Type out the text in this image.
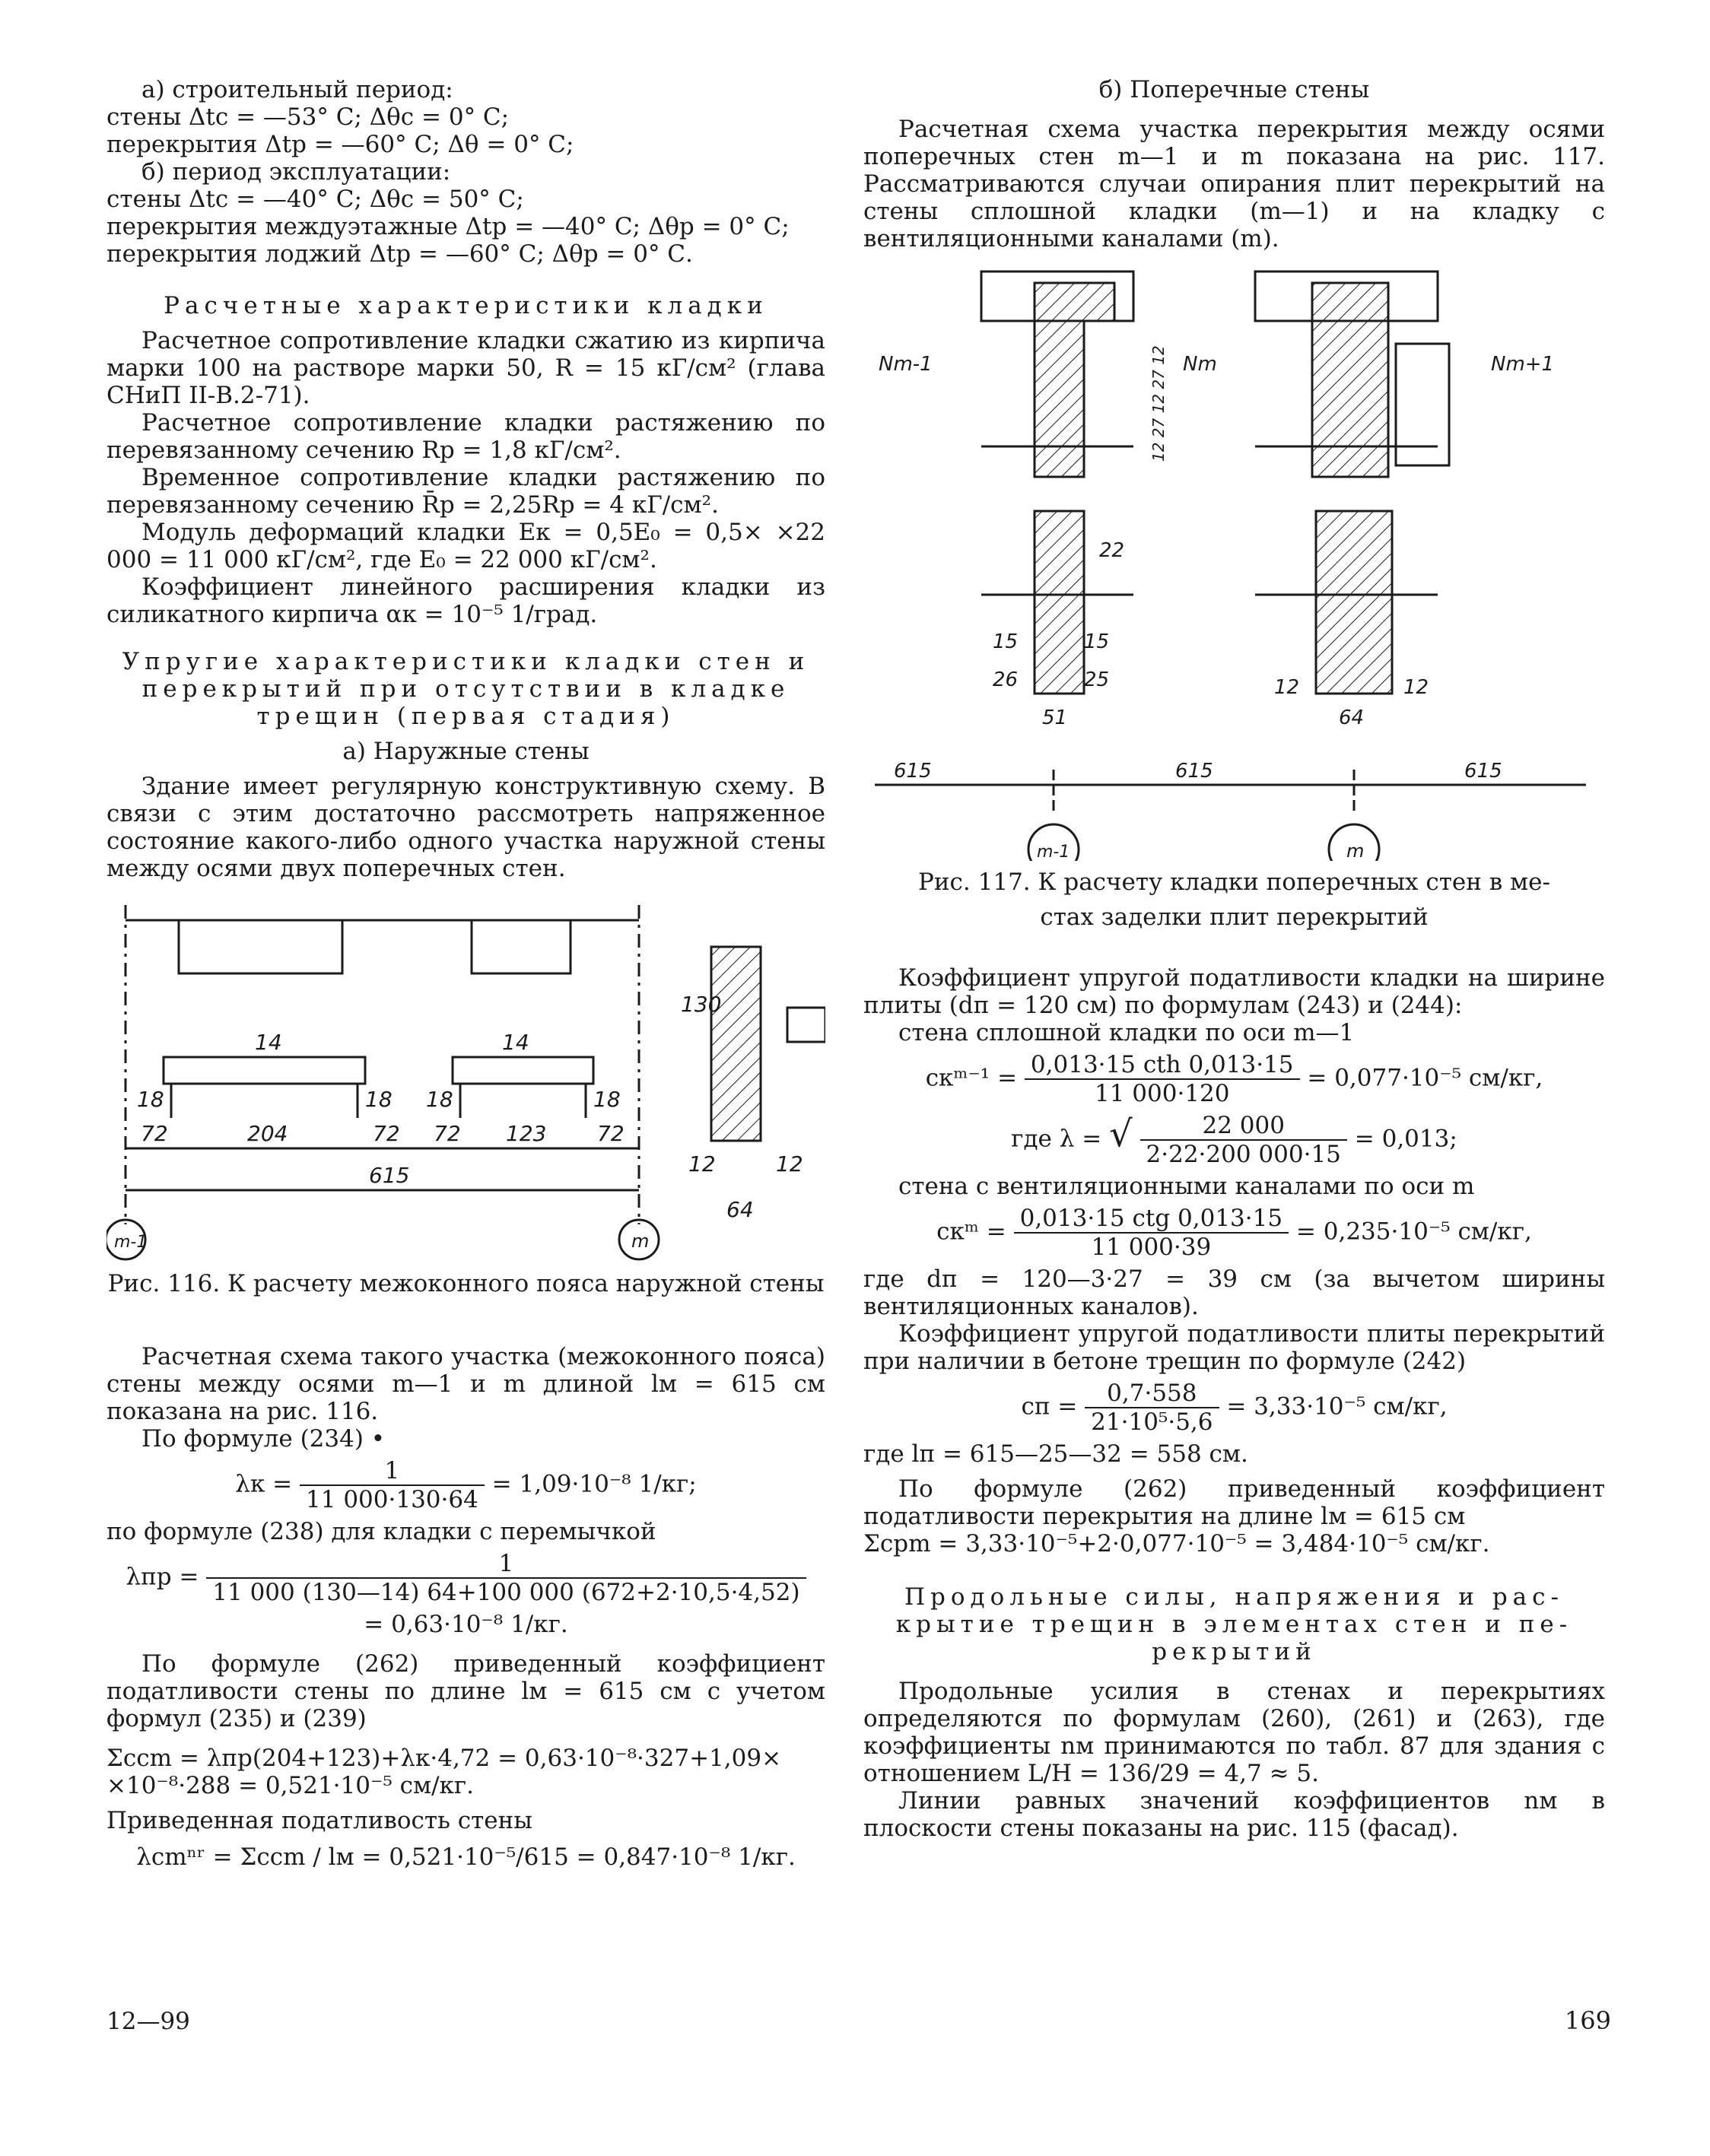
а) строительный период:

стены Δtс = —53° С; Δθс = 0° С;

перекрытия Δtр = —60° С; Δθ = 0° С;

б) период эксплуатации:

стены Δtс = —40° С; Δθс = 50° С;

перекрытия междуэтажные Δtр = —40° С; Δθр = 0° С;

перекрытия лоджий Δtр = —60° С; Δθр = 0° С.

Расчетные характеристики кладки

Расчетное сопротивление кладки сжатию из кирпича марки 100 на растворе марки 50, R = 15 кГ/см² (глава СНиП II-В.2-71).

Расчетное сопротивление кладки растяжению по перевязанному сечению Rр = 1,8 кГ/см².

Временное сопротивление кладки растяжению по перевязанному сечению R̄р = 2,25Rр = 4 кГ/см².

Модуль деформаций кладки Eк = 0,5E₀ = 0,5× ×22 000 = 11 000 кГ/см², где E₀ = 22 000 кГ/см².

Коэффициент линейного расширения кладки из силикатного кирпича αк = 10⁻⁵ 1/град.

Упругие характеристики кладки стен и

перекрытий при отсутствии в кладке

трещин (первая стадия)

а) Наружные стены

Здание имеет регулярную конструктивную схему. В связи с этим достаточно рассмотреть напряженное состояние какого-либо одного участка наружной стены между осями двух поперечных стен.

72	204	72 72 123 72
615
18	18 18	18
14	14
m-1	m
130
12	12
64

Рис. 116. К расчету межоконного пояса наружной стены

Расчетная схема такого участка (межоконного пояса) стены между осями m—1 и m длиной lм = 615 см показана на рис. 116.

По формуле (234) •

$\lambda к = \frac{1}{11 000\cdot 130\cdot 64} = 1,09\cdot 10^{-8}$ 1/кг;

по формуле (238) для кладки с перемычкой

$\lambda пр = \frac{1}{11 000 (130—14) 64+100 000 (672+2\cdot 10,5\cdot 4,52)}$

= 0,63·10⁻⁸ 1/кг.

По формуле (262) приведенный коэффициент податливости стены по длине lм = 615 см с учетом формул (235) и (239)

Σcсm = λпр(204+123)+λк·4,72 = 0,63·10⁻⁸·327+1,09×

×10⁻⁸·288 = 0,521·10⁻⁵ см/кг.

Приведенная податливость стены

λсmⁿʳ = Σcсm / lм = 0,521·10⁻⁵/615 = 0,847·10⁻⁸ 1/кг.

б) Поперечные стены

Расчетная схема участка перекрытия между осями поперечных стен m—1 и m показана на рис. 117. Рассматриваются случаи опирания плит перекрытий на стены сплошной кладки (m—1) и на кладку с вентиляционными каналами (m).

Nm-1	Nm	Nm+1
22
15	15
26	25
51
12	12
64
615	615	615
m-1	m
12 27 12 27 12

Рис. 117. К расчету кладки поперечных стен в ме-

стах заделки плит перекрытий

Коэффициент упругой податливости кладки на ширине плиты (dп = 120 см) по формулам (243) и (244):

стена сплошной кладки по оси m—1

cкᵐ⁻¹ = $\frac{\text{0,013·15 cth 0,013·15}}{11 000\cdot 120} = 0,077\cdot 10^{-5}$ см/кг,
где λ = √ $\frac{22 000}{2\cdot 22\cdot 200 000\cdot 15} = 0,013$;

стена с вентиляционными каналами по оси m

cкᵐ = $\frac{\text{0,013·15 ctg 0,013·15}}{11 000\cdot 39} = 0,235\cdot 10^{-5}$ см/кг,

где dп = 120—3·27 = 39 см (за вычетом ширины вентиляционных каналов).

Коэффициент упругой податливости плиты перекрытий при наличии в бетоне трещин по формуле (242)

cп = $\frac{0,7\cdot 558}{\text{21·10⁵·5,6}} = 3,33\cdot 10^{-5}$ см/кг,

где lп = 615—25—32 = 558 см.

По формуле (262) приведенный коэффициент податливости перекрытия на длине lм = 615 см

Σcрm = 3,33·10⁻⁵+2·0,077·10⁻⁵ = 3,484·10⁻⁵ см/кг.

Продольные силы, напряжения и рас-

крытие трещин в элементах стен и пе-

рекрытий

Продольные усилия в стенах и перекрытиях определяются по формулам (260), (261) и (263), где коэффициенты nм принимаются по табл. 87 для здания с отношением L/H = 136/29 = 4,7 ≈ 5.

Линии равных значений коэффициентов nм в плоскости стены показаны на рис. 115 (фасад).

12—99	169
